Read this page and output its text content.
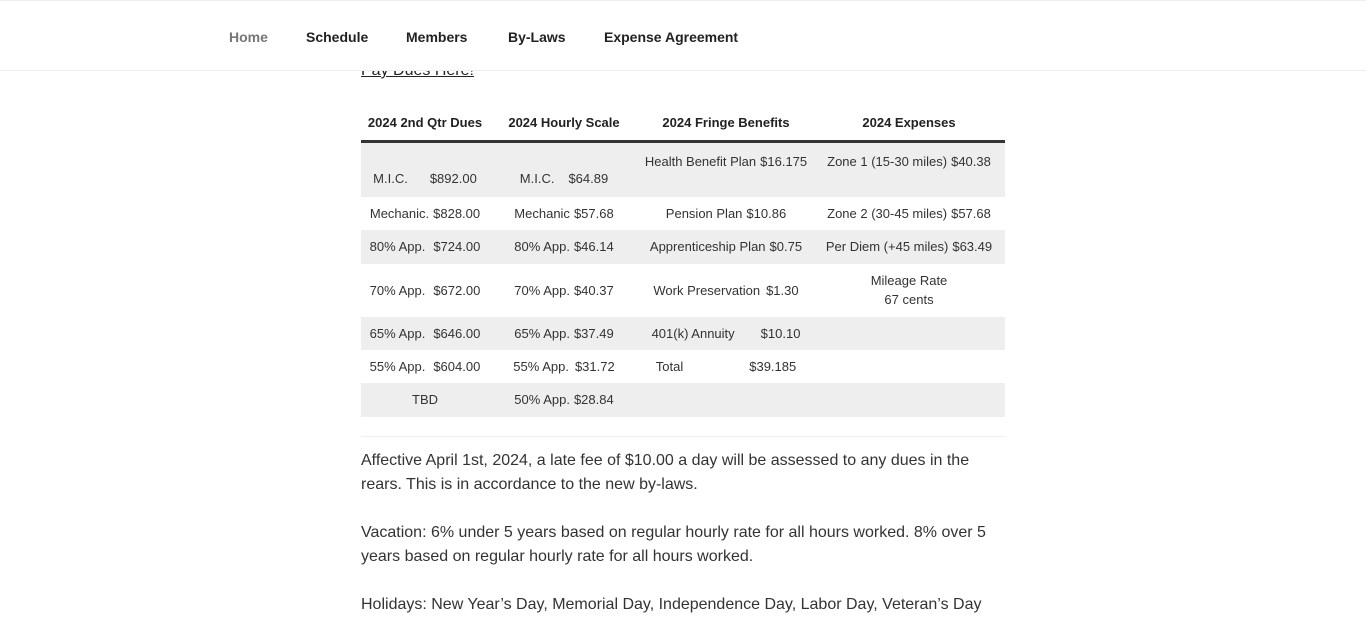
Home	Schedule	Members	By-Laws	Expense Agreement
2024 2nd Qtr Dues	2024 Hourly Scale	2024 Fringe Benefits	2024 Expenses
M.I.C. $892.00	M.I.C. $64.89	Health Benefit Plan $16.175	Zone 1 (15-30 miles) $40.38
Mechanic. $828.00	Mechanic $57.68	Pension Plan $10.86	Zone 2 (30-45 miles) $57.68
80% App. $724.00	80% App. $46.14	Apprenticeship Plan $0.75	Per Diem (+45 miles) $63.49
70% App. $672.00	70% App. $40.37	Work Preservation $1.30	Mileage Rate
67 cents

65% App. $646.00	65% App. $37.49	401(k) Annuity $10.10	
55% App. $604.00	55% App. $31.72	Total $39.185	
TBD	50% App. $28.84		

Affective April 1st, 2024, a late fee of $10.00 a day will be assessed to any dues in the rears. This is in accordance to the new by-laws.

Vacation: 6% under 5 years based on regular hourly rate for all hours worked. 8% over 5 years based on regular hourly rate for all hours worked.

Holidays: New Year’s Day, Memorial Day, Independence Day, Labor Day, Veteran’s Day
